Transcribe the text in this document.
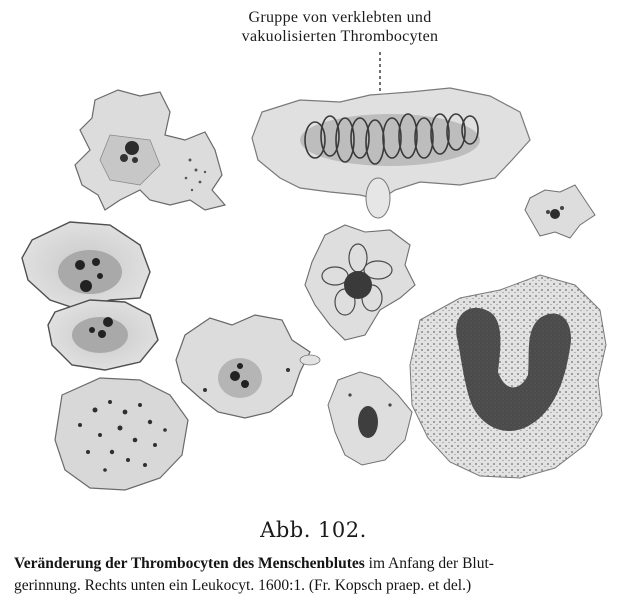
Gruppe von verklebten und
vakuolisierten Thrombocyten
Abb. 102.
Veränderung der Thrombocyten des Menschenblutes im Anfang der Blut-
gerinnung. Rechts unten ein Leukocyt. 1600:1. (Fr. Kopsch praep. et del.)
